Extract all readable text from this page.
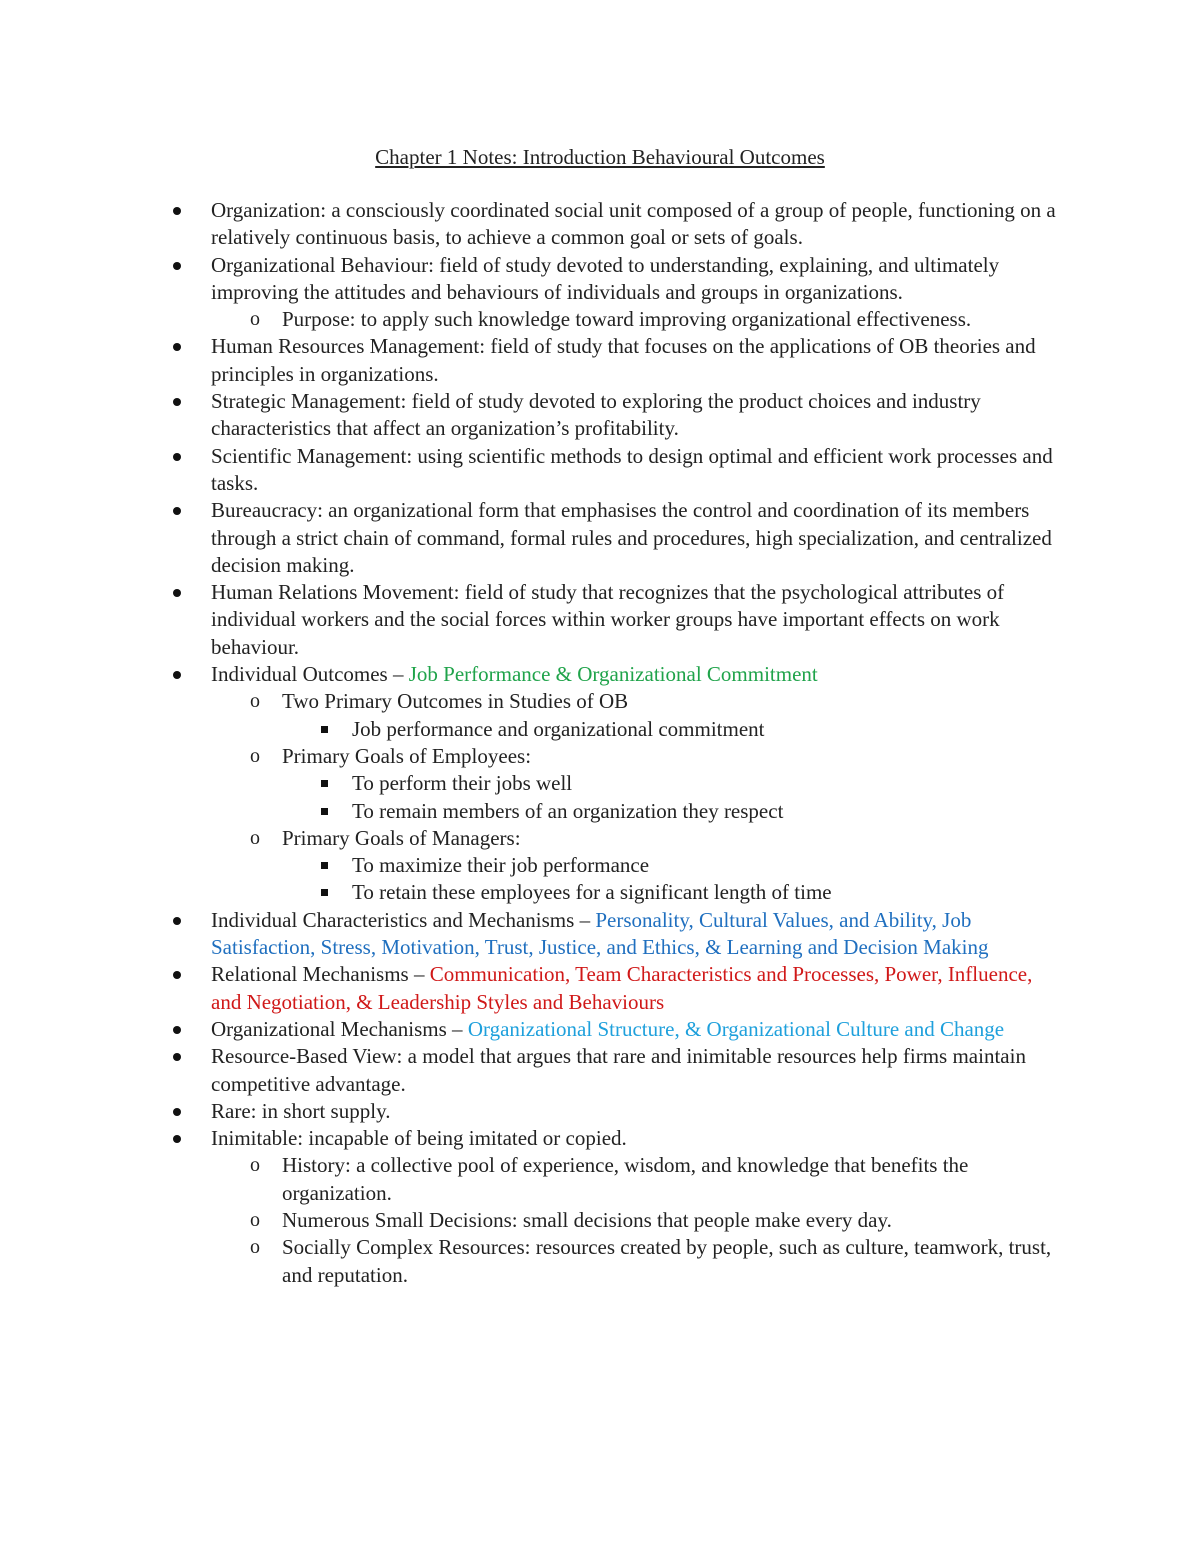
Chapter 1 Notes: Introduction Behavioural Outcomes
Organization: a consciously coordinated social unit composed of a group of people, functioning on a relatively continuous basis, to achieve a common goal or sets of goals.
Organizational Behaviour: field of study devoted to understanding, explaining, and ultimately improving the attitudes and behaviours of individuals and groups in organizations.
o Purpose: to apply such knowledge toward improving organizational effectiveness.
Human Resources Management: field of study that focuses on the applications of OB theories and principles in organizations.
Strategic Management: field of study devoted to exploring the product choices and industry characteristics that affect an organization’s profitability.
Scientific Management: using scientific methods to design optimal and efficient work processes and tasks.
Bureaucracy: an organizational form that emphasises the control and coordination of its members through a strict chain of command, formal rules and procedures, high specialization, and centralized decision making.
Human Relations Movement: field of study that recognizes that the psychological attributes of individual workers and the social forces within worker groups have important effects on work behaviour.
Individual Outcomes – Job Performance & Organizational Commitment
o Two Primary Outcomes in Studies of OB
Job performance and organizational commitment
o Primary Goals of Employees:
To perform their jobs well
To remain members of an organization they respect
o Primary Goals of Managers:
To maximize their job performance
To retain these employees for a significant length of time
Individual Characteristics and Mechanisms – Personality, Cultural Values, and Ability, Job Satisfaction, Stress, Motivation, Trust, Justice, and Ethics, & Learning and Decision Making
Relational Mechanisms – Communication, Team Characteristics and Processes, Power, Influence, and Negotiation, & Leadership Styles and Behaviours
Organizational Mechanisms – Organizational Structure, & Organizational Culture and Change
Resource-Based View: a model that argues that rare and inimitable resources help firms maintain competitive advantage.
Rare: in short supply.
Inimitable: incapable of being imitated or copied.
o History: a collective pool of experience, wisdom, and knowledge that benefits the organization.
o Numerous Small Decisions: small decisions that people make every day.
o Socially Complex Resources: resources created by people, such as culture, teamwork, trust, and reputation.
